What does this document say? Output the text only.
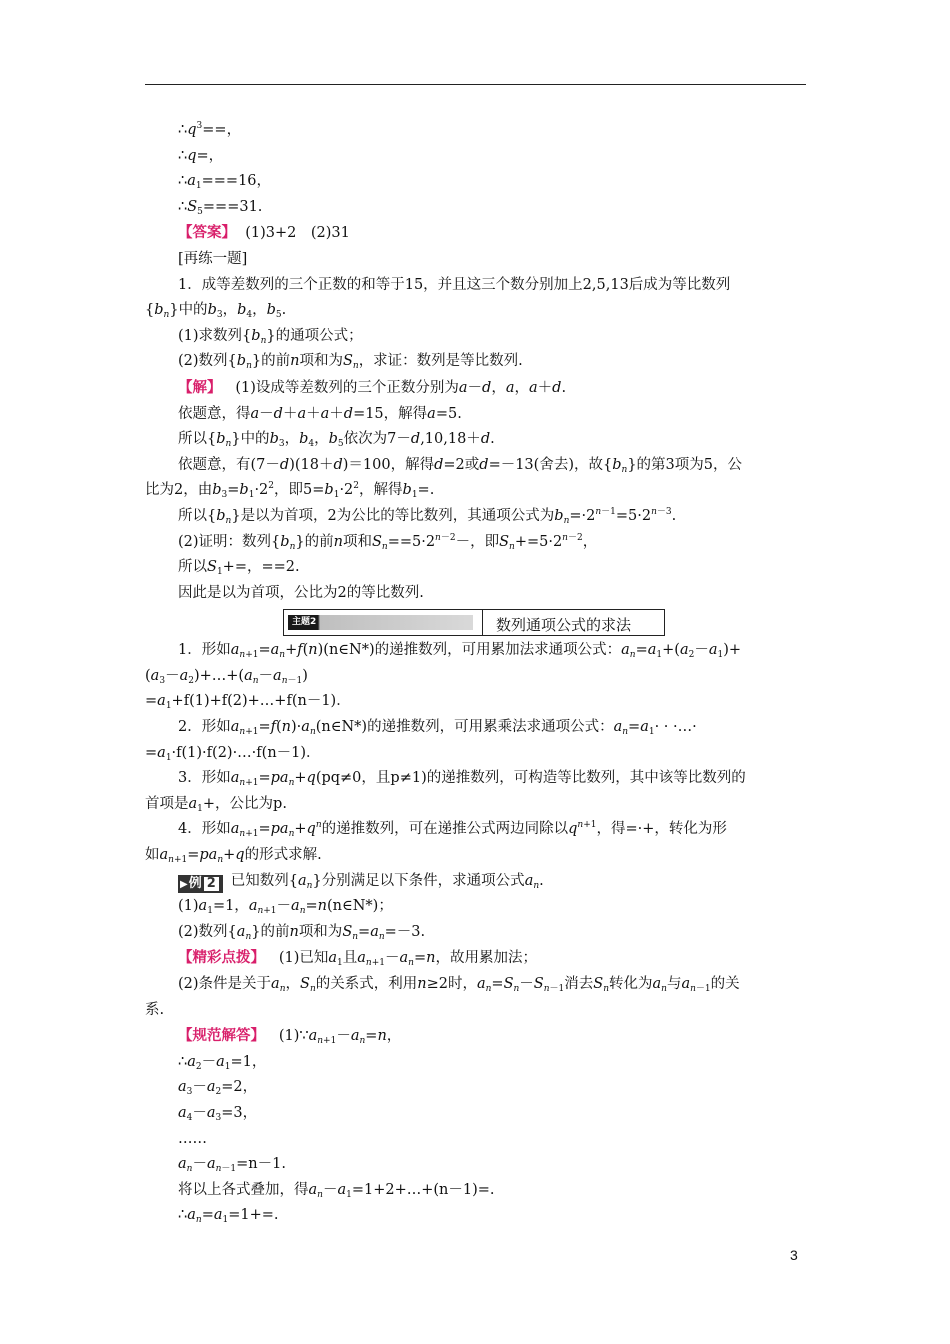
$\therefore q^3==$，
∴q=，
$\therefore a_1===16$，
$\therefore S_5===31$.
【答案】 (1)3+2　(2)31
[再练一题]
1．成等差数列的三个正数的和等于15，并且这三个数分别加上2,5,13后成为等比数列
$\{b_n\}$中的$b_3$，$b_4$，$b_5$.
(1)求数列$\{b_n\}$的通项公式；
(2)数列$\{b_n\}$的前n项和为$S_n$，求证：数列是等比数列.
【解】 (1)设成等差数列的三个正数分别为a－d，a，a＋d.
依题意，得a－d＋a＋a＋d=15，解得a=5.
所以$\{b_n\}$中的$b_3$，$b_4$，$b_5$依次为7－d,10,18＋d.
依题意，有(7－d)(18＋d)＝100，解得d=2或d=－13(舍去)，故$\{b_n\}$的第3项为5，公
比为2，由$b_3=b_1\cdot 2^2$，即$5=b_1\cdot 2^2$，解得$b_1=$.
所以$\{b_n\}$是以为首项，2为公比的等比数列，其通项公式为$b_n=\cdot 2^{n-1}=5\cdot 2^{n-3}$.
(2)证明：数列$\{b_n\}$的前n项和$S_n==5\cdot 2^{n-2}-$，即$S_n+=5\cdot 2^{n-2}$，
所以$S_1+=$，==2.
因此是以为首项，公比为2的等比数列.
主题2	数列通项公式的求法
1．形如$a_{n+1}=a_n+f(n)(n\in N*)$的递推数列，可用累加法求通项公式：$a_n=a_1+(a_2-a_1)+$
$(a_3-a_2)+\dots+(a_n-a_{n-1})$
$=a_1+f(1)+f(2)+\dots+f(n-1)$．
2．形如$a_{n+1}=f(n)\cdot a_n(n\in N*)$的递推数列，可用累乘法求通项公式：$a_n=a_1\cdot$ · ·…·
$=a_1\cdot f(1)\cdot f(2)\cdot\dots\cdot f(n-1)$．
3．形如$a_{n+1}=pa_n+q(pq\ne 0$，且p≠1)的递推数列，可构造等比数列，其中该等比数列的
首项是$a_1+$，公比为p.
4．形如$a_{n+1}=pa_n+q^n$的递推数列，可在递推公式两边同除以$q^{n+1}$，得=·+，转化为形
如$a_{n+1}=pa_n+q$的形式求解.
▶例 2 已知数列$\{a_n\}$分别满足以下条件，求通项公式$a_n$.
$(1)a_1=1$，$a_{n+1}-a_n=n(n\in N*)$；
(2)数列$\{a_n\}$的前n项和为$S_n=a_n=-3$.
【精彩点拨】 (1)已知$a_1$且$a_{n+1}-a_n=n$，故用累加法；
(2)条件是关于$a_n$，$S_n$的关系式，利用n≥2时，$a_n=S_n-S_{n-1}$消去$S_n$转化为$a_n$与$a_{n-1}$的关
系.
【规范解答】 $(1)\because a_{n+1}-a_n=n$，
$\therefore a_2-a_1=1$，
$a_3-a_2=2$，
$a_4-a_3=3$，
……
$a_n-a_{n-1}=n-1$.
将以上各式叠加，得$a_n-a_1=1+2+\dots+(n-1)=$.
$\therefore a_n=a_1=1+=$.
3
